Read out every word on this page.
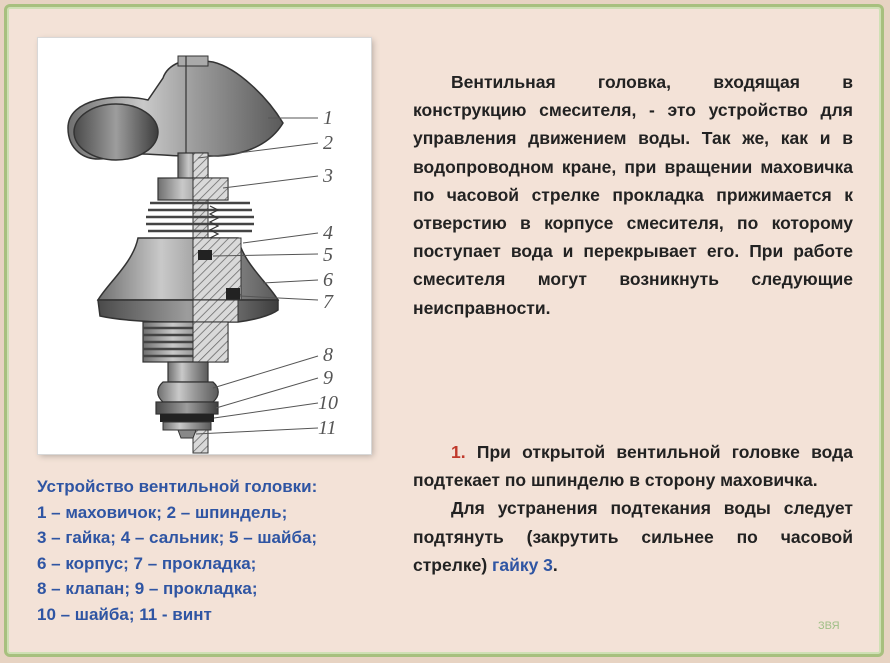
1
2
3
4
5
6
7
8
9
10
11

Устройство вентильной головки:

1 – маховичок; 2 – шпиндель;

3 – гайка; 4 – сальник; 5 – шайба;

6 – корпус; 7 – прокладка;

8 – клапан; 9 – прокладка;

10 – шайба; 11 - винт

Вентильная головка, входящая в конструкцию смесителя, - это устройство для управления движением воды. Так же, как и в водопроводном кране, при вращении маховичка по часовой стрелке прокладка прижимается к отверстию в корпусе смесителя, по которому поступает вода и перекрывает его. При работе смесителя могут возникнуть следующие неисправности.

1. При открытой вентильной головке вода подтекает по шпинделю в сторону маховичка.

Для устранения подтекания воды следует подтянуть (закрутить сильнее по часовой стрелке) гайку 3.

ЗВЯ
